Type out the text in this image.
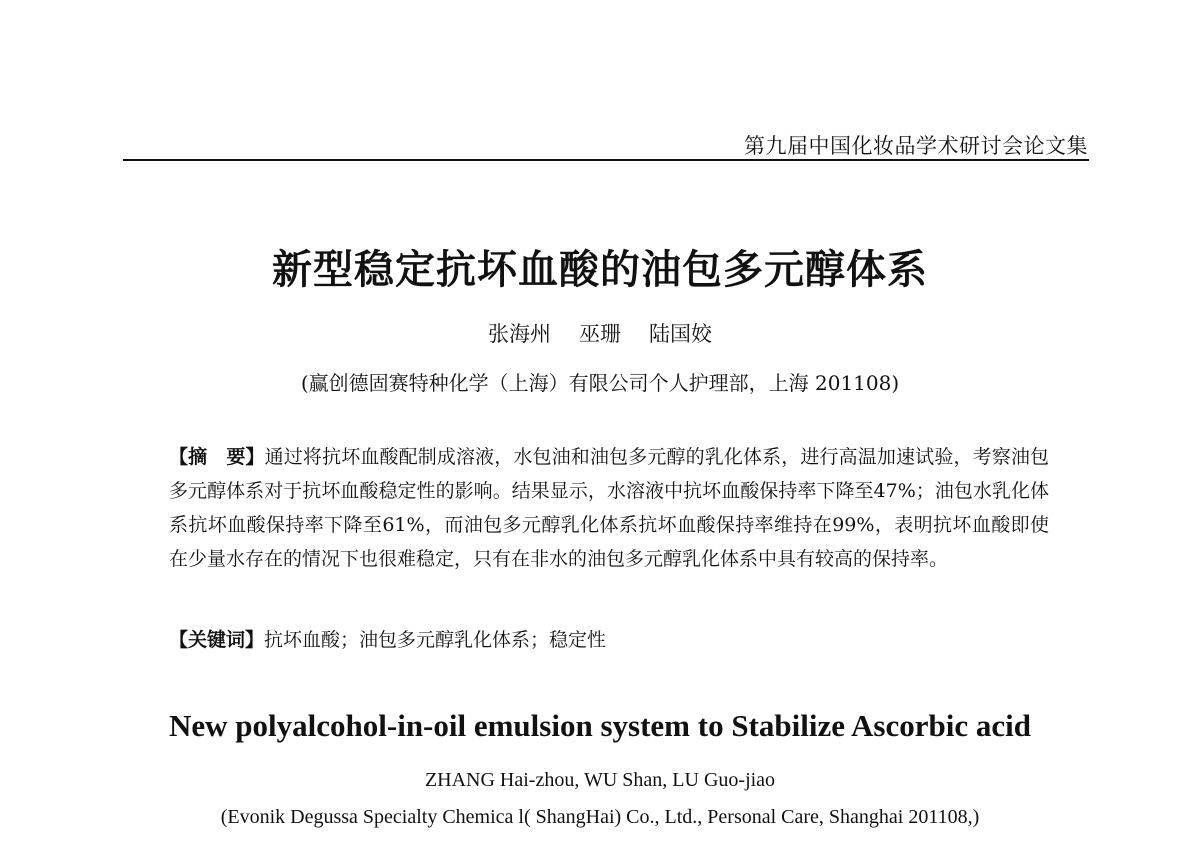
第九届中国化妆品学术研讨会论文集
新型稳定抗坏血酸的油包多元醇体系
张海州 巫珊 陆国姣
(赢创德固赛特种化学（上海）有限公司个人护理部，上海 201108)
【摘　要】通过将抗坏血酸配制成溶液，水包油和油包多元醇的乳化体系，进行高温加速试验，考察油包多元醇体系对于抗坏血酸稳定性的影响。结果显示，水溶液中抗坏血酸保持率下降至47%；油包水乳化体系抗坏血酸保持率下降至61%，而油包多元醇乳化体系抗坏血酸保持率维持在99%，表明抗坏血酸即使在少量水存在的情况下也很难稳定，只有在非水的油包多元醇乳化体系中具有较高的保持率。
【关键词】抗坏血酸；油包多元醇乳化体系；稳定性
New polyalcohol-in-oil emulsion system to Stabilize Ascorbic acid
ZHANG Hai-zhou, WU Shan, LU Guo-jiao
(Evonik Degussa Specialty Chemica l( ShangHai) Co., Ltd., Personal Care, Shanghai 201108,)
